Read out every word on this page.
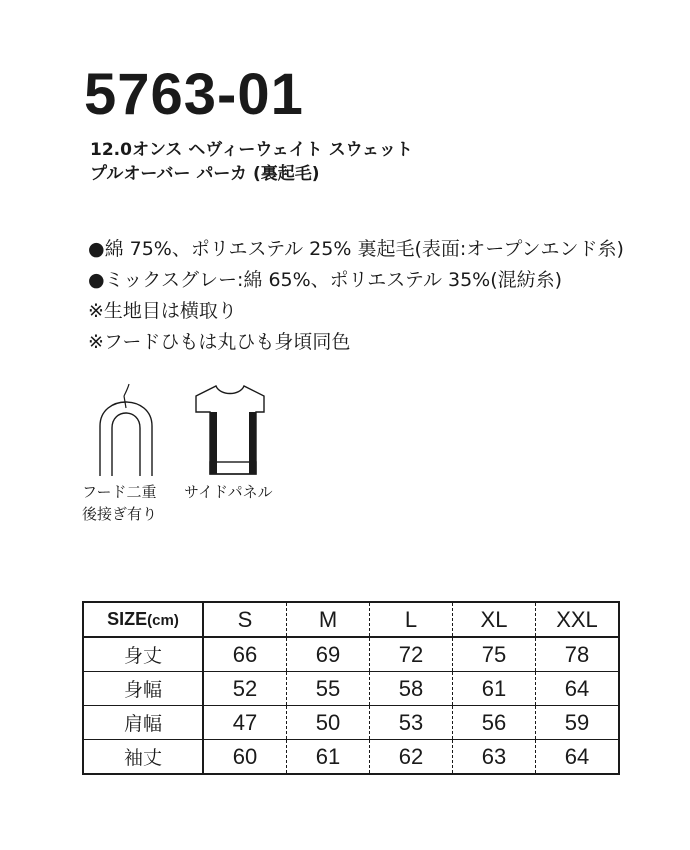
5763-01
12.0オンス ヘヴィーウェイト スウェット
プルオーバー パーカ (裏起毛)
●綿 75%、ポリエステル 25% 裏起毛(表面:オープンエンド糸)
●ミックスグレー:綿 65%、ポリエステル 35%(混紡糸)
※生地目は横取り
※フードひもは丸ひも身頃同色
フード二重
後接ぎ有り
サイドパネル
SIZE(cm)	S	M	L	XL	XXL
身丈	66	69	72	75	78
身幅	52	55	58	61	64
肩幅	47	50	53	56	59
袖丈	60	61	62	63	64
